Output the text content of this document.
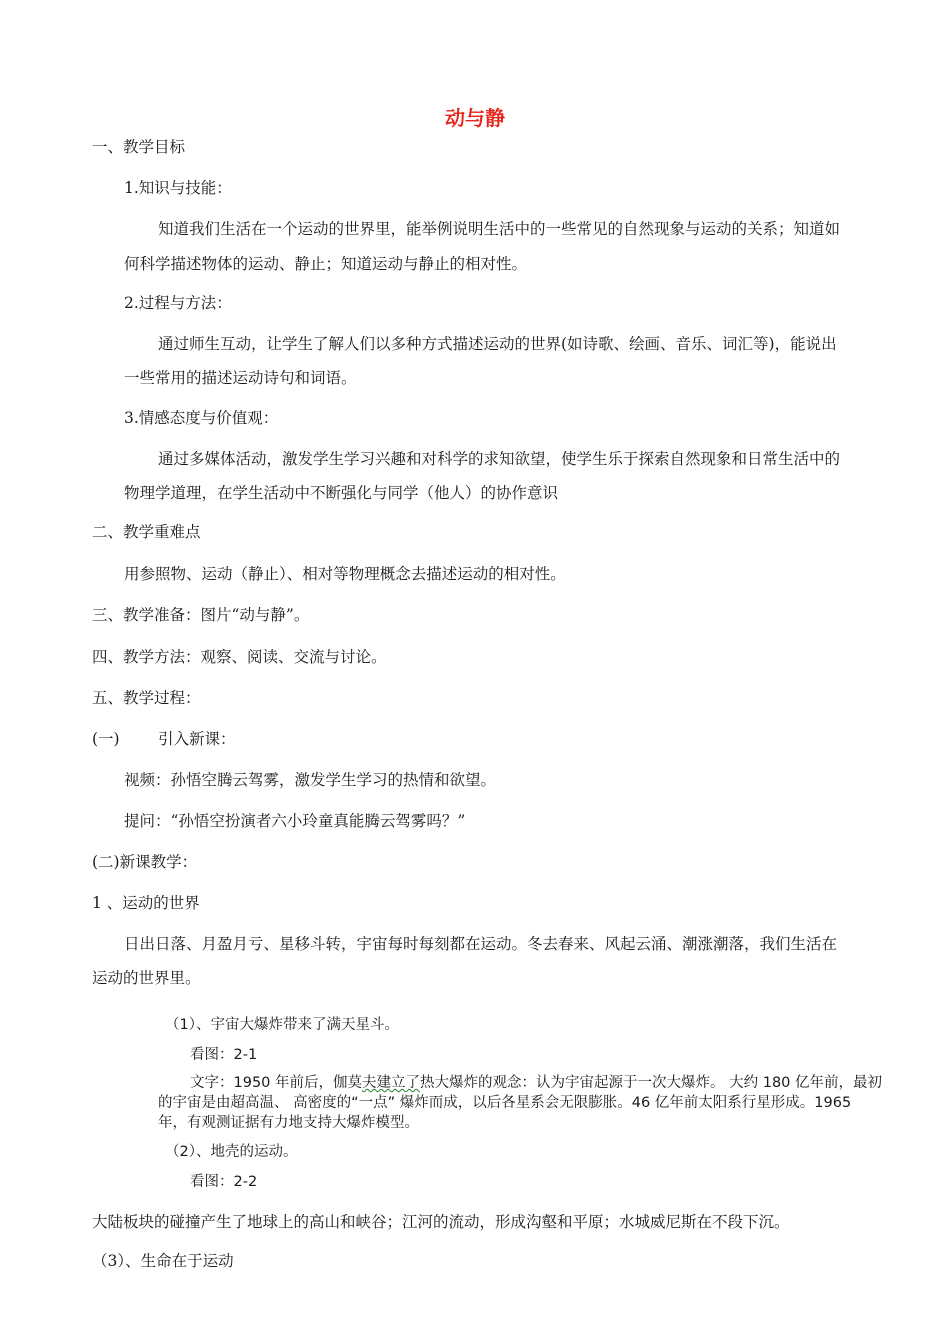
动与静
一、教学目标
1.知识与技能：
知道我们生活在一个运动的世界里，能举例说明生活中的一些常见的自然现象与运动的关系；知道如
何科学描述物体的运动、静止；知道运动与静止的相对性。
2.过程与方法：
通过师生互动，让学生了解人们以多种方式描述运动的世界(如诗歌、绘画、音乐、词汇等)，能说出
一些常用的描述运动诗句和词语。
3.情感态度与价值观：
通过多媒体活动，激发学生学习兴趣和对科学的求知欲望，使学生乐于探索自然现象和日常生活中的
物理学道理，在学生活动中不断强化与同学（他人）的协作意识
二、教学重难点
用参照物、运动（静止）、相对等物理概念去描述运动的相对性。
三、教学准备：图片“动与静”。
四、教学方法：观察、阅读、交流与讨论。
五、教学过程：
(一) 引入新课：
视频：孙悟空腾云驾雾，激发学生学习的热情和欲望。
提问：“孙悟空扮演者六小玲童真能腾云驾雾吗？”
(二)新课教学：
1 、运动的世界
日出日落、月盈月亏、星移斗转，宇宙每时每刻都在运动。冬去春来、风起云涌、潮涨潮落，我们生活在
运动的世界里。
（1）、宇宙大爆炸带来了满天星斗。
看图：2-1
文字：1950 年前后，伽莫夫建立了热大爆炸的观念：认为宇宙起源于一次大爆炸。 大约 180 亿年前，最初
的宇宙是由超高温、 高密度的“一点” 爆炸而成，以后各星系会无限膨胀。46 亿年前太阳系行星形成。1965
年，有观测证据有力地支持大爆炸模型。
（2）、地壳的运动。
看图：2-2
大陆板块的碰撞产生了地球上的高山和峡谷；江河的流动，形成沟壑和平原；水城威尼斯在不段下沉。
（3）、生命在于运动
